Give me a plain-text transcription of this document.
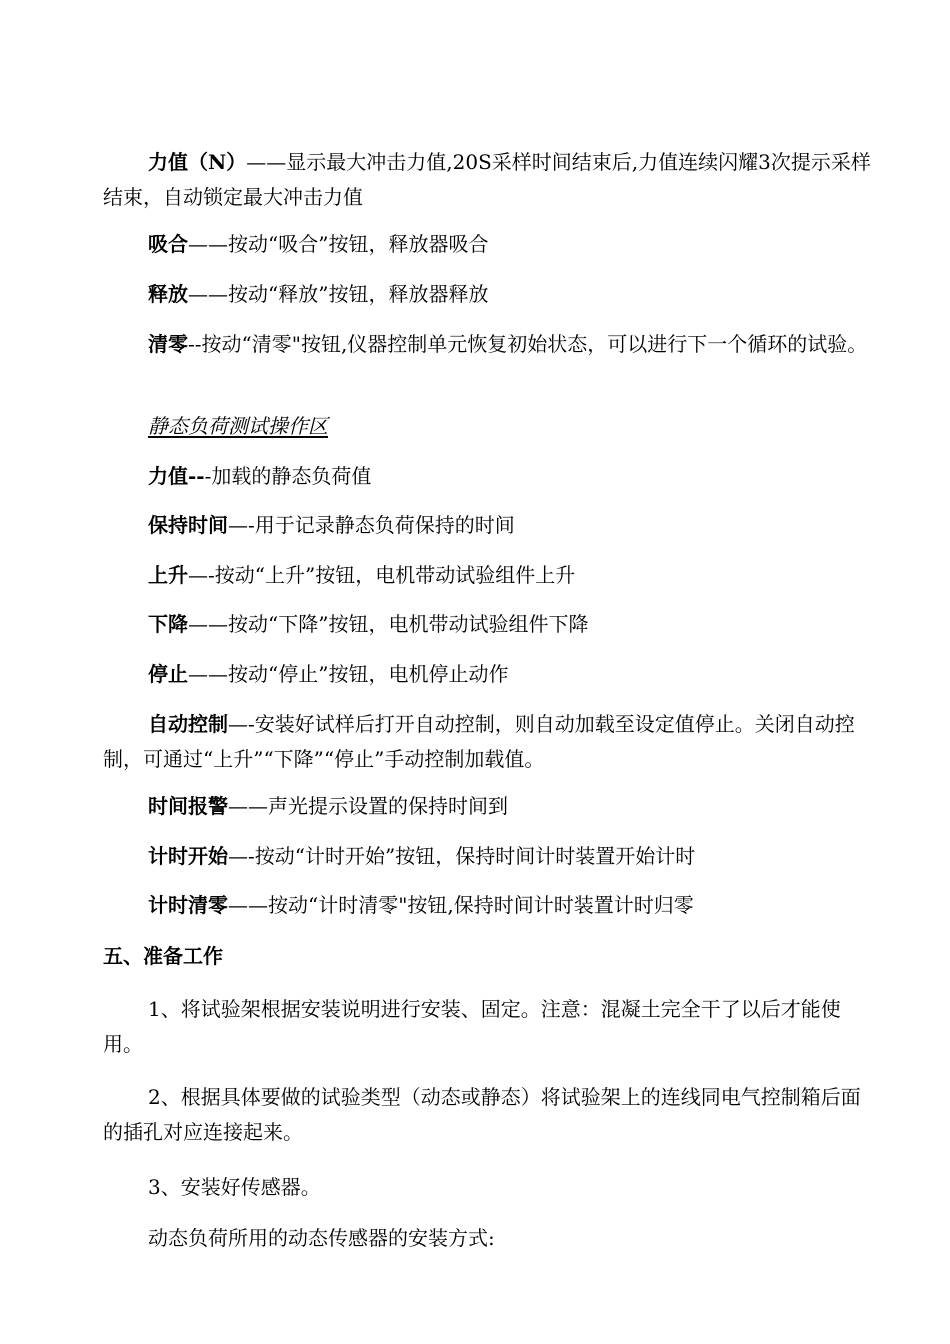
力值（N）——显示最大冲击力值,20S采样时间结束后,力值连续闪耀3次提示采样结束，自动锁定最大冲击力值

吸合——按动“吸合”按钮，释放器吸合

释放——按动“释放”按钮，释放器释放

清零--按动“清零"按钮,仪器控制单元恢复初始状态，可以进行下一个循环的试验。

静态负荷测试操作区

力值---加载的静态负荷值

保持时间—-用于记录静态负荷保持的时间

上升—-按动“上升”按钮，电机带动试验组件上升

下降——按动“下降”按钮，电机带动试验组件下降

停止——按动“停止”按钮，电机停止动作

自动控制—-安装好试样后打开自动控制，则自动加载至设定值停止。关闭自动控制，可通过“上升”“下降”“停止”手动控制加载值。

时间报警——声光提示设置的保持时间到

计时开始—-按动“计时开始”按钮，保持时间计时装置开始计时

计时清零——按动“计时清零"按钮,保持时间计时装置计时归零

五、准备工作

1、将试验架根据安装说明进行安装、固定。注意：混凝土完全干了以后才能使用。

2、根据具体要做的试验类型（动态或静态）将试验架上的连线同电气控制箱后面的插孔对应连接起来。

3、安装好传感器。

动态负荷所用的动态传感器的安装方式:
